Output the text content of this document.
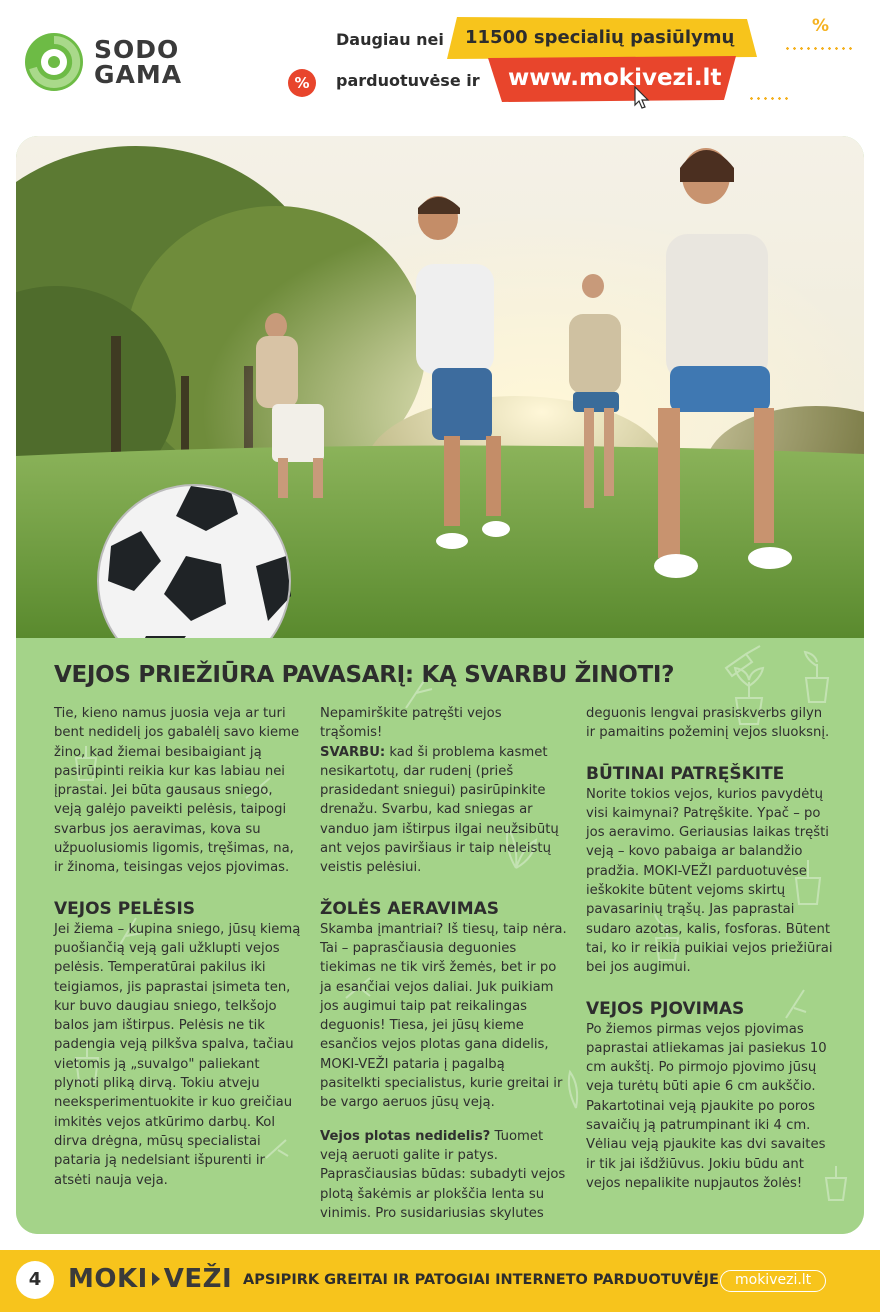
SODO
GAMA
Daugiau nei 11500 specialių pasiūlymų
%	parduotuvėse ir www.mokivezi.lt
%
VEJOS PRIEŽIŪRA PAVASARĮ: KĄ SVARBU ŽINOTI?

Tie, kieno namus juosia veja ar turi bent nedidelį jos gabalėlį savo kieme žino, kad žiemai besibaigiant ją pasirūpinti reikia kur kas labiau nei įprastai. Jei būta gausaus sniego, veją galėjo paveikti pelėsis, taipogi svarbus jos aeravimas, kova su užpuolusiomis ligomis, tręšimas, na, ir žinoma, teisingas vejos pjovimas.

VEJOS PELĖSIS

Jei žiema – kupina sniego, jūsų kiemą puošiančią veją gali užklupti vejos pelėsis. Temperatūrai pakilus iki teigiamos, jis paprastai įsimeta ten, kur buvo daugiau sniego, telkšojo balos jam ištirpus. Pelėsis ne tik padengia veją pilkšva spalva, tačiau vietomis ją „suvalgo" paliekant plynoti pliką dirvą. Tokiu atveju neeksperimentuokite ir kuo greičiau imkitės vejos atkūrimo darbų. Kol dirva drėgna, mūsų specialistai pataria ją nedelsiant išpurenti ir atsėti nauja veja.

Nepamirškite patręšti vejos trąšomis!

SVARBU: kad ši problema kasmet nesikartotų, dar rudenį (prieš prasidedant sniegui) pasirūpinkite drenažu. Svarbu, kad sniegas ar vanduo jam ištirpus ilgai neužsibūtų ant vejos paviršiaus ir taip neleistų veistis pelėsiui.

ŽOLĖS AERAVIMAS

Skamba įmantriai? Iš tiesų, taip nėra. Tai – paprasčiausia deguonies tiekimas ne tik virš žemės, bet ir po ja esančiai vejos daliai. Juk puikiam jos augimui taip pat reikalingas deguonis! Tiesa, jei jūsų kieme esančios vejos plotas gana didelis, MOKI-VEŽI pataria į pagalbą pasitelkti specialistus, kurie greitai ir be vargo aeruos jūsų veją.

Vejos plotas nedidelis? Tuomet veją aeruoti galite ir patys. Paprasčiausias būdas: subadyti vejos plotą šakėmis ar plokščia lenta su vinimis. Pro susidariusias skylutes

deguonis lengvai prasiskverbs gilyn ir pamaitins požeminį vejos sluoksnį.

BŪTINAI PATRĘŠKITE

Norite tokios vejos, kurios pavydėtų visi kaimynai? Patręškite. Ypač – po jos aeravimo. Geriausias laikas tręšti veją – kovo pabaiga ar balandžio pradžia. MOKI-VEŽI parduotuvėse ieškokite būtent vejoms skirtų pavasarinių trąšų. Jas paprastai sudaro azotas, kalis, fosforas. Būtent tai, ko ir reikia puikiai vejos priežiūrai bei jos augimui.

VEJOS PJOVIMAS

Po žiemos pirmas vejos pjovimas paprastai atliekamas jai pasiekus 10 cm aukštį. Po pirmojo pjovimo jūsų veja turėtų būti apie 6 cm aukščio. Pakartotinai veją pjaukite po poros savaičių ją patrumpinant iki 4 cm. Vėliau veją pjaukite kas dvi savaites ir tik jai išdžiūvus. Jokiu būdu ant vejos nepalikite nupjautos žolės!

4	MOKI VEŽI APSIPIRK GREITAI IR PATOGIAI INTERNETO PARDUOTUVĖJE	mokivezi.lt
